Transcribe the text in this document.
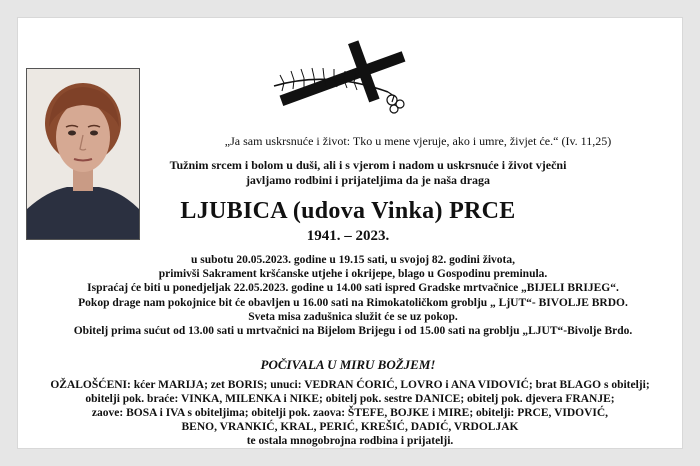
„Ja sam uskrsnuće i život: Tko u mene vjeruje, ako i umre, živjet će.“ (Iv. 11,25)
Tužnim srcem i bolom u duši, ali i s vjerom i nadom u uskrsnuće i život vječni
javljamo rodbini i prijateljima da je naša draga
LJUBICA (udova Vinka) PRCE
1941. – 2023.
u subotu 20.05.2023. godine u 19.15 sati, u svojoj 82. godini života,
primivši Sakrament kršćanske utjehe i okrijepe, blago u Gospodinu preminula.
Ispraćaj će biti u ponedjeljak 22.05.2023. godine u 14.00 sati ispred Gradske mrtvačnice „BIJELI BRIJEG“.
Pokop drage nam pokojnice bit će obavljen u 16.00 sati na Rimokatoličkom groblju „ LjUT“- BIVOLJE BRDO.
Sveta misa zadušnica služit će se uz pokop.
Obitelj prima sućut od 13.00 sati u mrtvačnici na Bijelom Brijegu i od 15.00 sati na groblju „LJUT“-Bivolje Brdo.
POČIVALA U MIRU BOŽJEM!
OŽALOŠĆENI: kćer MARIJA; zet BORIS; unuci: VEDRAN ĆORIĆ, LOVRO i ANA VIDOVIĆ; brat BLAGO s obitelji;
obitelji pok. braće: VINKA, MILENKA i NIKE; obitelj pok. sestre DANICE; obitelj pok. djevera FRANJE;
zaove: BOSA i IVA s obiteljima; obitelji pok. zaova: ŠTEFE, BOJKE i MIRE; obitelji: PRCE, VIDOVIĆ,
BENO, VRANKIĆ, KRAL, PERIĆ, KREŠIĆ, DADIĆ, VRDOLJAK
te ostala mnogobrojna rodbina i prijatelji.
